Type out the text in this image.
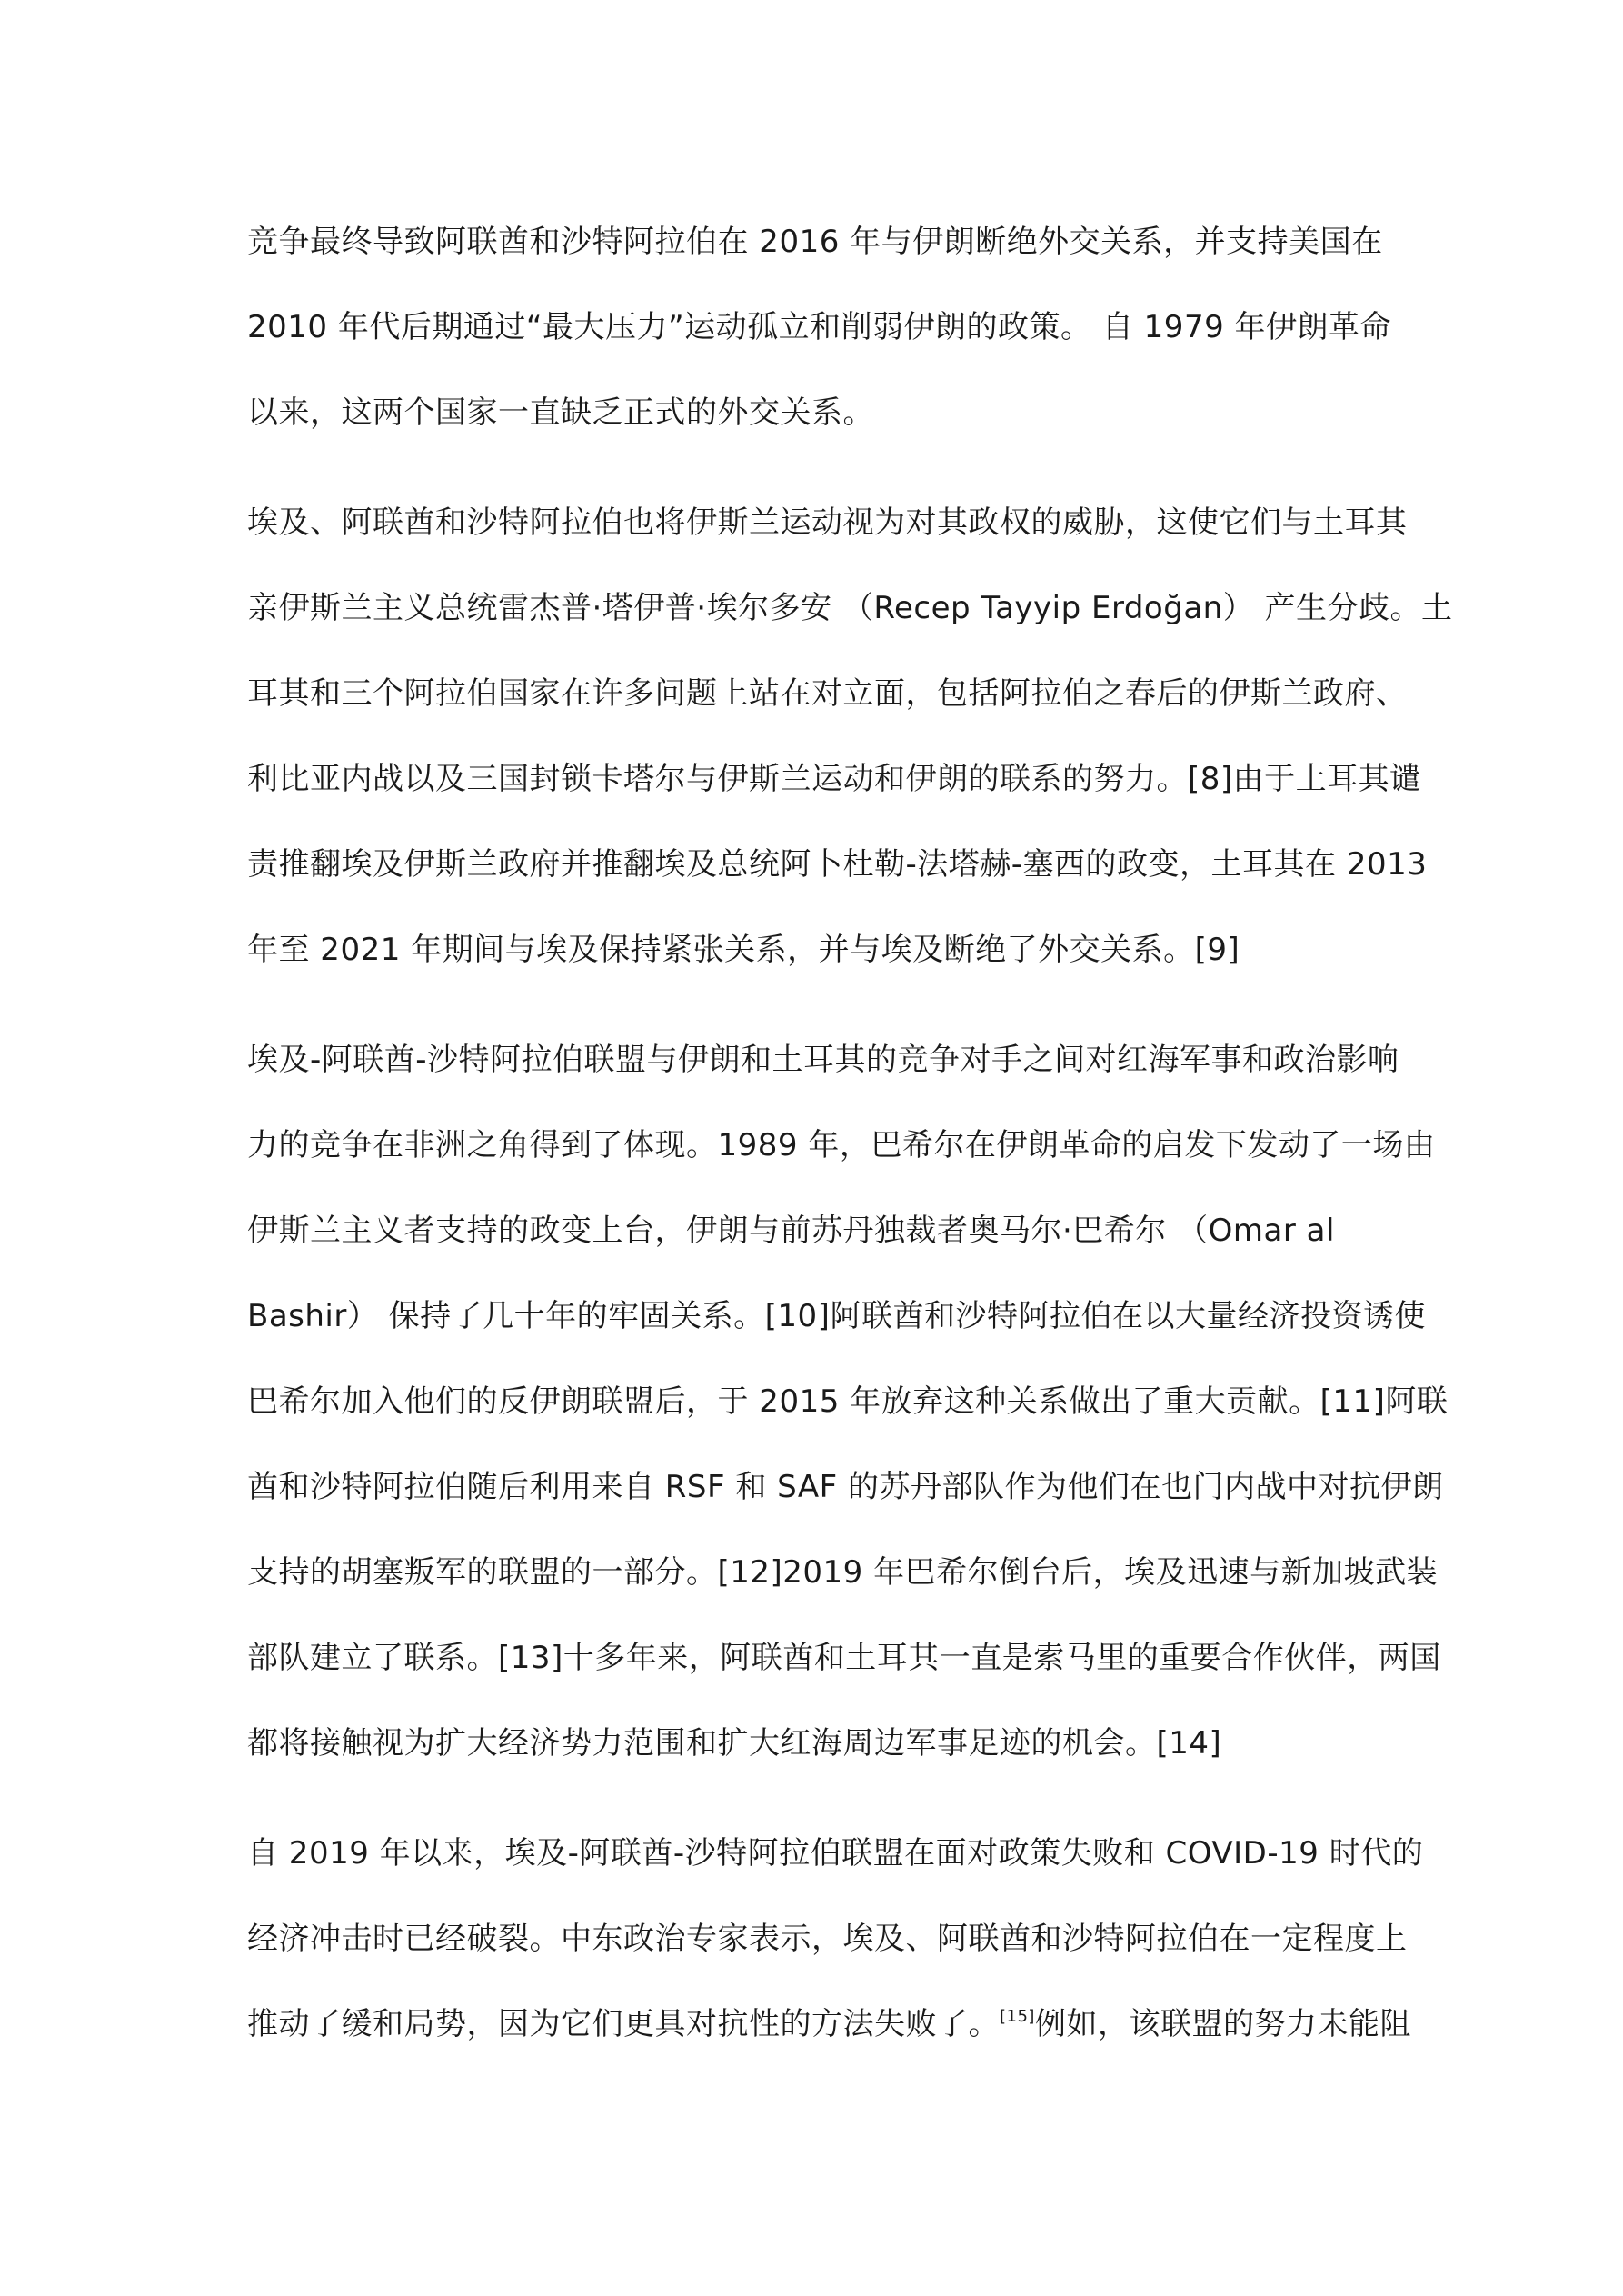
竞争最终导致阿联酋和沙特阿拉伯在 2016 年与伊朗断绝外交关系，并支持美国在
2010 年代后期通过“最大压力”运动孤立和削弱伊朗的政策。 自 1979 年伊朗革命
以来，这两个国家一直缺乏正式的外交关系。
埃及、阿联酋和沙特阿拉伯也将伊斯兰运动视为对其政权的威胁，这使它们与土耳其
亲伊斯兰主义总统雷杰普·塔伊普·埃尔多安 （Recep Tayyip Erdoğan） 产生分歧。土
耳其和三个阿拉伯国家在许多问题上站在对立面，包括阿拉伯之春后的伊斯兰政府、
利比亚内战以及三国封锁卡塔尔与伊斯兰运动和伊朗的联系的努力。[8]由于土耳其谴
责推翻埃及伊斯兰政府并推翻埃及总统阿卜杜勒-法塔赫-塞西的政变，土耳其在 2013
年至 2021 年期间与埃及保持紧张关系，并与埃及断绝了外交关系。[9]
埃及-阿联酋-沙特阿拉伯联盟与伊朗和土耳其的竞争对手之间对红海军事和政治影响
力的竞争在非洲之角得到了体现。1989 年，巴希尔在伊朗革命的启发下发动了一场由
伊斯兰主义者支持的政变上台，伊朗与前苏丹独裁者奥马尔·巴希尔 （Omar al
Bashir） 保持了几十年的牢固关系。[10]阿联酋和沙特阿拉伯在以大量经济投资诱使
巴希尔加入他们的反伊朗联盟后，于 2015 年放弃这种关系做出了重大贡献。[11]阿联
酋和沙特阿拉伯随后利用来自 RSF 和 SAF 的苏丹部队作为他们在也门内战中对抗伊朗
支持的胡塞叛军的联盟的一部分。[12]2019 年巴希尔倒台后，埃及迅速与新加坡武装
部队建立了联系。[13]十多年来，阿联酋和土耳其一直是索马里的重要合作伙伴，两国
都将接触视为扩大经济势力范围和扩大红海周边军事足迹的机会。[14]
自 2019 年以来，埃及-阿联酋-沙特阿拉伯联盟在面对政策失败和 COVID-19 时代的
经济冲击时已经破裂。中东政治专家表示，埃及、阿联酋和沙特阿拉伯在一定程度上
推动了缓和局势，因为它们更具对抗性的方法失败了。[15]例如，该联盟的努力未能阻
